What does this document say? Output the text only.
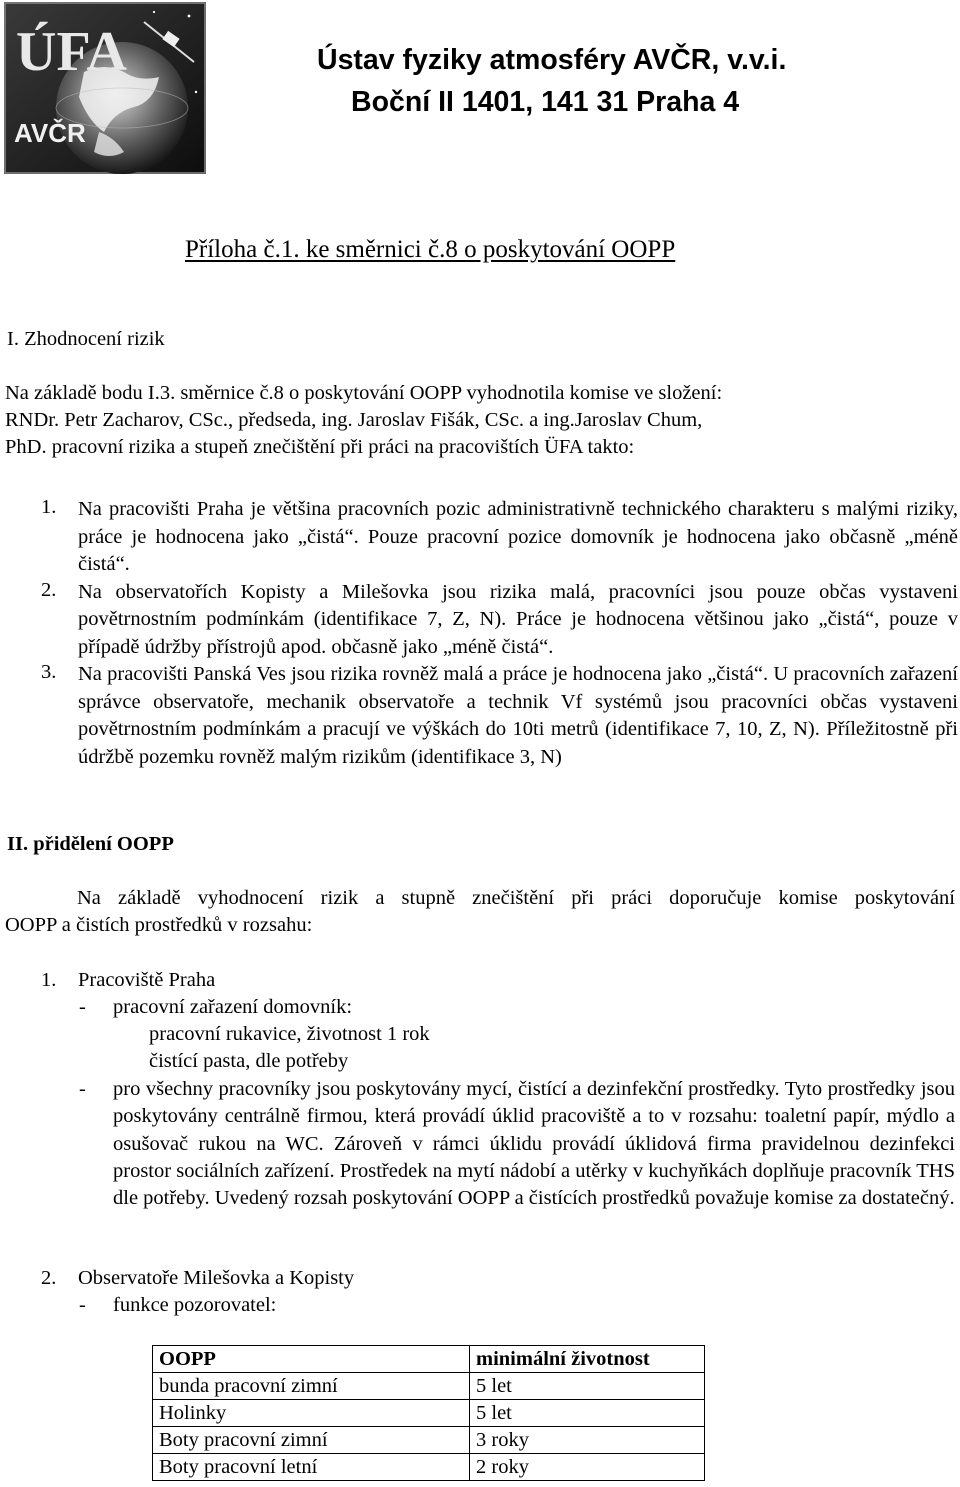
ÚFA
AVČR
Ústav fyziky atmosféry AVČR, v.v.i.
Boční II 1401, 141 31 Praha 4
Příloha č.1. ke směrnici č.8 o poskytování OOPP
I. Zhodnocení rizik
Na základě bodu I.3. směrnice č.8 o poskytování OOPP vyhodnotila komise ve složení:
RNDr. Petr Zacharov, CSc., předseda, ing. Jaroslav Fišák, CSc. a ing.Jaroslav Chum,
PhD. pracovní rizika a stupeň znečištění při práci na pracovištích ÜFA takto:
1. Na pracovišti Praha je většina pracovních pozic administrativně technického charakteru s malými riziky, práce je hodnocena jako „čistá“. Pouze pracovní pozice domovník je hodnocena jako občasně „méně čistá“.

2. Na observatořích Kopisty a Milešovka jsou rizika malá, pracovníci jsou pouze občas vystaveni povětrnostním podmínkám (identifikace 7, Z, N). Práce je hodnocena většinou jako „čistá“, pouze v případě údržby přístrojů apod. občasně jako „méně čistá“.

3. Na pracovišti Panská Ves jsou rizika rovněž malá a práce je hodnocena jako „čistá“. U pracovních zařazení správce observatoře, mechanik observatoře a technik Vf systémů jsou pracovníci občas vystaveni povětrnostním podmínkám a pracují ve výškách do 10ti metrů (identifikace 7, 10, Z, N). Příležitostně při údržbě pozemku rovněž malým rizikům (identifikace 3, N)

II. přidělení OOPP
Na základě vyhodnocení rizik a stupně znečištění při práci doporučuje komise poskytování
OOPP a čistích prostředků v rozsahu:
1. Pracoviště Praha
- pracovní zařazení domovník:
pracovní rukavice, životnost 1 rok
čistící pasta, dle potřeby
- pro všechny pracovníky jsou poskytovány mycí, čistící a dezinfekční prostředky. Tyto prostředky jsou poskytovány centrálně firmou, která provádí úklid pracoviště a to v rozsahu: toaletní papír, mýdlo a osušovač rukou na WC. Zároveň v rámci úklidu provádí úklidová firma pravidelnou dezinfekci prostor sociálních zařízení. Prostředek na mytí nádobí a utěrky v kuchyňkách doplňuje pracovník THS dle potřeby. Uvedený rozsah poskytování OOPP a čistících prostředků považuje komise za dostatečný.

2. Observatoře Milešovka a Kopisty
- funkce pozorovatel:
OOPP	minimální životnost
bunda pracovní zimní	5 let
Holinky	5 let
Boty pracovní zimní	3 roky
Boty pracovní letní	2 roky
